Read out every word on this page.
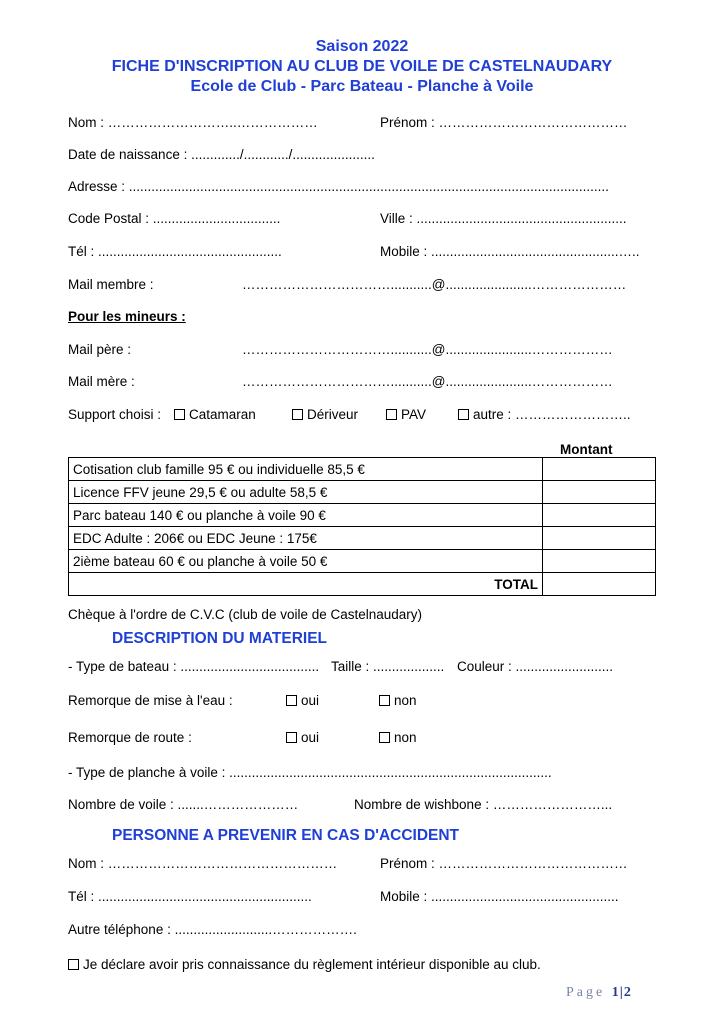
Saison 2022
FICHE D'INSCRIPTION AU CLUB DE VOILE DE CASTELNAUDARY
Ecole de Club - Parc Bateau - Planche à Voile
Nom : ………………………..………………	Prénom : ……………………………………
Date de naissance : ............./............/......................
Adresse : ................................................................................................................................
Code Postal : ..................................	Ville : ........................................................
Tél : .................................................	Mobile : ..................................................…..
Mail membre :	……………………………...........@.......................…………………
Pour les mineurs :
Mail père :	……………………………...........@.......................………………
Mail mère :	……………………………...........@.......................………………
Support choisi :	Catamaran	Dériveur	PAV	autre : ……………………..
Montant
Cotisation club famille 95 € ou individuelle 85,5 €	
Licence FFV jeune 29,5 € ou adulte 58,5 €	
Parc bateau 140 € ou planche à voile 90 €	
EDC Adulte : 206€ ou EDC Jeune : 175€	
2ième bateau 60 € ou planche à voile 50 €	
TOTAL	
Chèque à l'ordre de C.V.C (club de voile de Castelnaudary)
DESCRIPTION DU MATERIEL
- Type de bateau : ..................................... Taille : ................... Couleur : ..........................
Remorque de mise à l'eau :	oui	non
Remorque de route :	oui	non
- Type de planche à voile : ......................................................................................
Nombre de voile : .......…………………	Nombre de wishbone : ……………………...
PERSONNE A PREVENIR EN CAS D'ACCIDENT
Nom : ……………………………………………	Prénom : ……………………………………
Tél : .........................................................	Mobile : ..................................................
Autre téléphone : ..........................……………….
Je déclare avoir pris connaissance du règlement intérieur disponible au club.
Page 1|2
